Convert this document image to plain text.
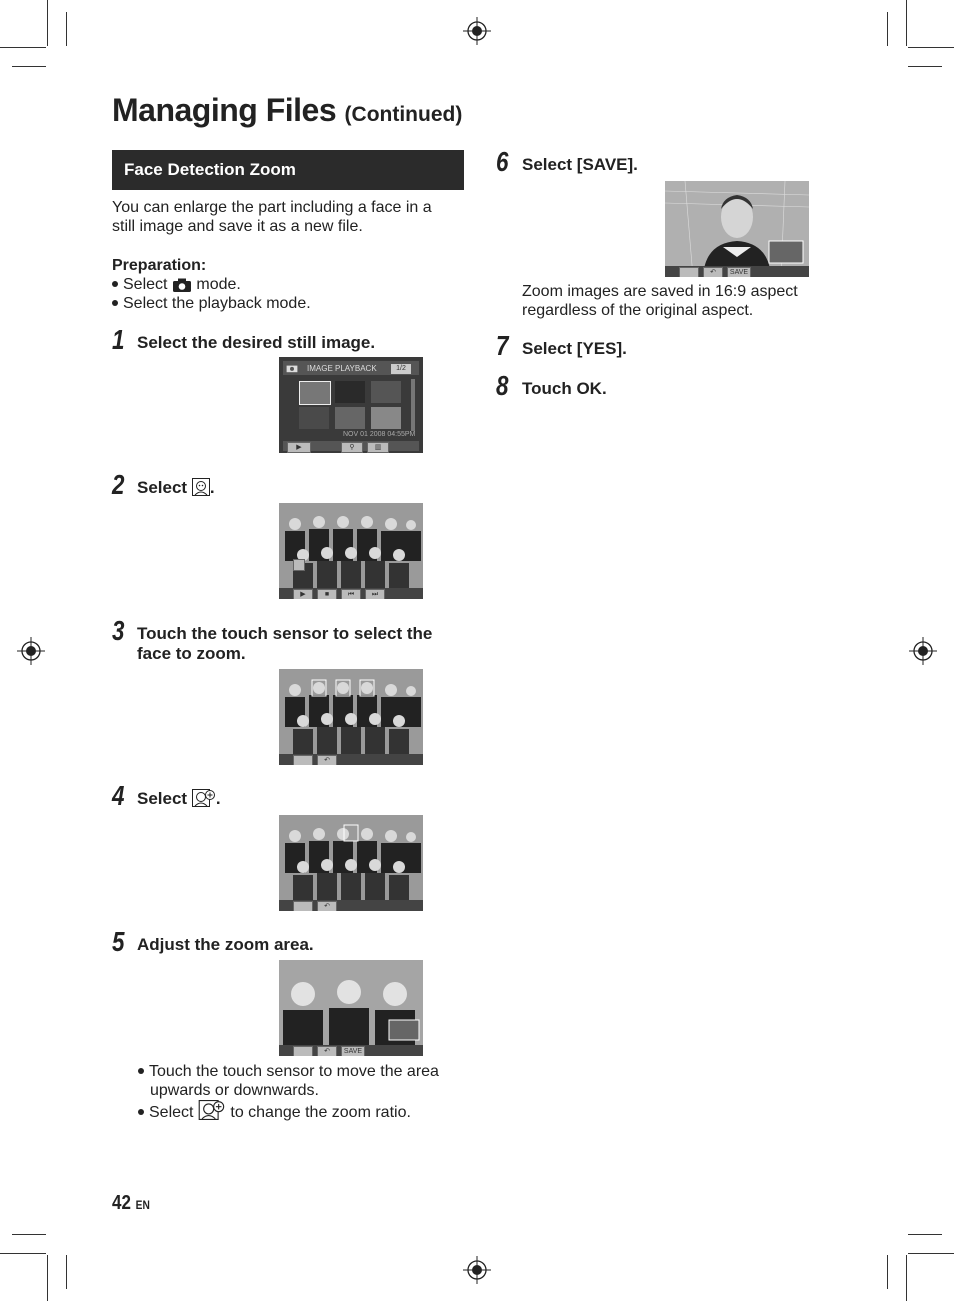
Managing Files (Continued)
Face Detection Zoom
You can enlarge the part including a face in a
still image and save it as a new file.
Preparation:
Select  mode.
Select the playback mode.
1 Select the desired still image.
IMAGE PLAYBACK	1/2
NOV 01 2008 04:55PM
▶	⚲	▥
2 Select .
▶	■	⏮	⏭
3 Touch the touch sensor to select the
face to zoom.
↶
4 Select .
↶
5 Adjust the zoom area.
↶	SAVE
Touch the touch sensor to move the area
upwards or downwards.
Select  to change the zoom ratio.
6 Select [SAVE].
↶	SAVE
Zoom images are saved in 16:9 aspect
regardless of the original aspect.
7 Select [YES].
8 Touch OK.
42 EN
